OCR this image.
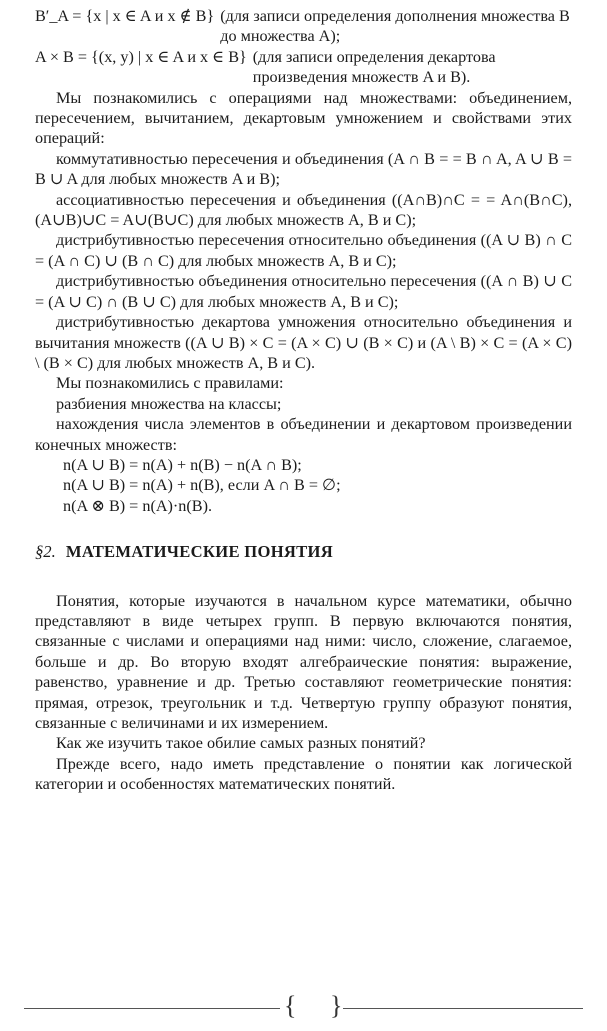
B′_A = {x | x ∈ A и x ∉ B} (для записи определения дополнения множества B до множества A);
A × B = {(x, y) | x ∈ A и x ∈ B} (для записи определения декартова произведения множеств A и B).

Мы познакомились с операциями над множествами: объединением, пересечением, вычитанием, декартовым умножением и свойствами этих операций:

коммутативностью пересечения и объединения (A ∩ B = = B ∩ A, A ∪ B = B ∪ A для любых множеств A и B);

ассоциативностью пересечения и объединения ((A∩B)∩C = = A∩(B∩C), (A∪B)∪C = A∪(B∪C) для любых множеств A, B и C);

дистрибутивностью пересечения относительно объединения ((A ∪ B) ∩ C = (A ∩ C) ∪ (B ∩ C) для любых множеств A, B и C);

дистрибутивностью объединения относительно пересечения ((A ∩ B) ∪ C = (A ∪ C) ∩ (B ∪ C) для любых множеств A, B и C);

дистрибутивностью декартова умножения относительно объединения и вычитания множеств ((A ∪ B) × C = (A × C) ∪ (B × C) и (A \ B) × C = (A × C) \ (B × C) для любых множеств A, B и C).

Мы познакомились с правилами:

разбиения множества на классы;

нахождения числа элементов в объединении и декартовом произведении конечных множеств:

n(A ∪ B) = n(A) + n(B) − n(A ∩ B);
n(A ∪ B) = n(A) + n(B), если A ∩ B = ∅;
n(A ⊗ B) = n(A)·n(B).
§2. МАТЕМАТИЧЕСКИЕ ПОНЯТИЯ

Понятия, которые изучаются в начальном курсе математики, обычно представляют в виде четырех групп. В первую включаются понятия, связанные с числами и операциями над ними: число, сложение, слагаемое, больше и др. Во вторую входят алгебраические понятия: выражение, равенство, уравнение и др. Третью составляют геометрические понятия: прямая, отрезок, треугольник и т.д. Четвертую группу образуют понятия, связанные с величинами и их измерением.

Как же изучить такое обилие самых разных понятий?

Прежде всего, надо иметь представление о понятии как логической категории и особенностях математических понятий.

{ }
